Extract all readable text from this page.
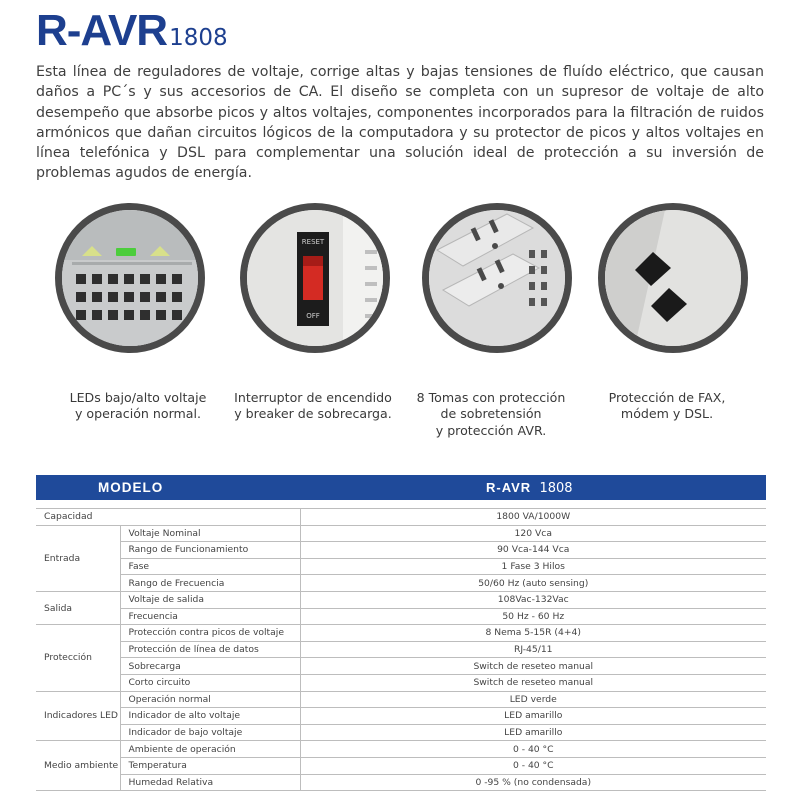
R-AVR1808
Esta línea de reguladores de voltaje, corrige altas y bajas tensiones de fluído eléctrico, que causan daños a PC´s y sus accesorios de CA. El diseño se completa con un supresor de voltaje de alto desempeño que absorbe picos y altos voltajes, componentes incorporados para la filtración de ruidos armónicos que dañan circuitos lógicos de la computadora y su protector de picos y altos voltajes en línea telefónica y DSL para complementar una solución ideal de protección a su inversión de problemas agudos de energía.
RESET
OFF
LEDs bajo/alto voltaje
y operación normal.
Interruptor de encendido
y breaker de sobrecarga.
8 Tomas con protección
de sobretensión
y protección AVR.
Protección de FAX,
módem y DSL.
MODELO	R-AVR 1808
Capacidad		1800 VA/1000W
Entrada	Voltaje Nominal	120 Vca
	Rango de Funcionamiento	90 Vca-144 Vca
	Fase	1 Fase 3 Hilos
	Rango de Frecuencia	50/60 Hz (auto sensing)
Salida	Voltaje de salida	108Vac-132Vac
	Frecuencia	50 Hz - 60 Hz
Protección	Protección contra picos de voltaje	8 Nema 5-15R (4+4)
	Protección de línea de datos	RJ-45/11
	Sobrecarga	Switch de reseteo manual
	Corto circuito	Switch de reseteo manual
Indicadores LED	Operación normal	LED verde
	Indicador de alto voltaje	LED amarillo
	Indicador de bajo voltaje	LED amarillo
Medio ambiente	Ambiente de operación	0 - 40 °C
	Temperatura	0 - 40 °C
	Humedad Relativa	0 -95 % (no condensada)
